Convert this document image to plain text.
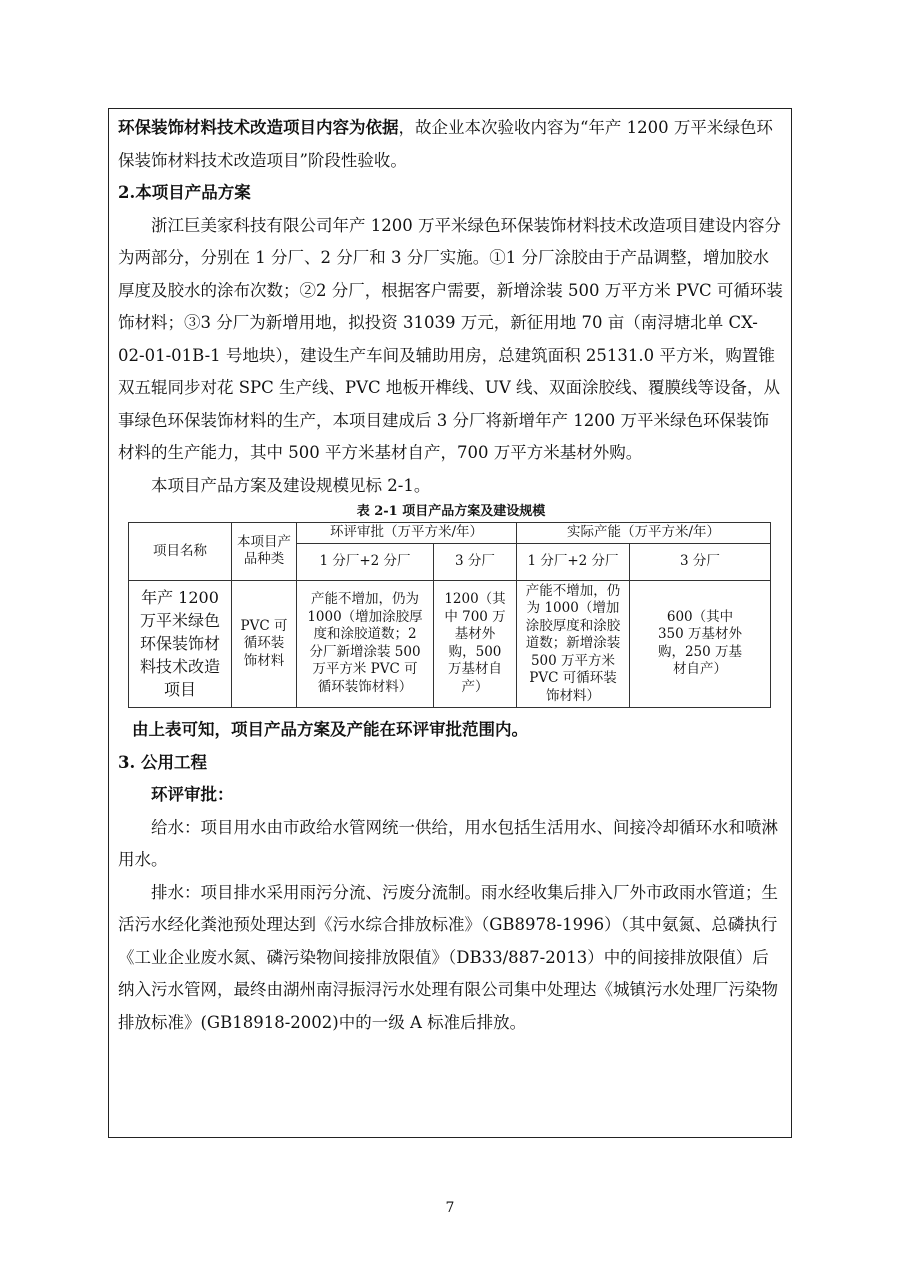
环保装饰材料技术改造项目内容为依据，故企业本次验收内容为“年产 1200 万平米绿色环保装饰材料技术改造项目”阶段性验收。

2.本项目产品方案

浙江巨美家科技有限公司年产 1200 万平米绿色环保装饰材料技术改造项目建设内容分为两部分，分别在 1 分厂、2 分厂和 3 分厂实施。①1 分厂涂胶由于产品调整，增加胶水厚度及胶水的涂布次数；②2 分厂，根据客户需要，新增涂装 500 万平方米 PVC 可循环装饰材料；③3 分厂为新增用地，拟投资 31039 万元，新征用地 70 亩（南浔塘北单 CX-02-01-01B-1 号地块），建设生产车间及辅助用房，总建筑面积 25131.0 平方米，购置锥双五辊同步对花 SPC 生产线、PVC 地板开榫线、UV 线、双面涂胶线、覆膜线等设备，从事绿色环保装饰材料的生产，本项目建成后 3 分厂将新增年产 1200 万平米绿色环保装饰材料的生产能力，其中 500 平方米基材自产，700 万平方米基材外购。

本项目产品方案及建设规模见标 2-1。

表 2-1 项目产品方案及建设规模

项目名称	本项目产品种类	环评审批（万平方米/年）		实际产能（万平方米/年）	
		1 分厂+2 分厂	3 分厂	1 分厂+2 分厂	3 分厂
年产 1200 万平米绿色环保装饰材料技术改造项目	PVC 可循环装饰材料	产能不增加，仍为 1000（增加涂胶厚度和涂胶道数；2 分厂新增涂装 500 万平方米 PVC 可循环装饰材料）	1200（其中 700 万基材外购，500 万基材自产）	产能不增加，仍为 1000（增加涂胶厚度和涂胶道数；新增涂装 500 万平方米 PVC 可循环装饰材料）	600（其中 350 万基材外购，250 万基材自产）

由上表可知，项目产品方案及产能在环评审批范围内。

3. 公用工程

环评审批：

给水：项目用水由市政给水管网统一供给，用水包括生活用水、间接冷却循环水和喷淋用水。

排水：项目排水采用雨污分流、污废分流制。雨水经收集后排入厂外市政雨水管道；生活污水经化粪池预处理达到《污水综合排放标准》（GB8978-1996）（其中氨氮、总磷执行《工业企业废水氮、磷污染物间接排放限值》（DB33/887-2013）中的间接排放限值）后纳入污水管网，最终由湖州南浔振浔污水处理有限公司集中处理达《城镇污水处理厂污染物排放标准》(GB18918-2002)中的一级 A 标准后排放。

7
